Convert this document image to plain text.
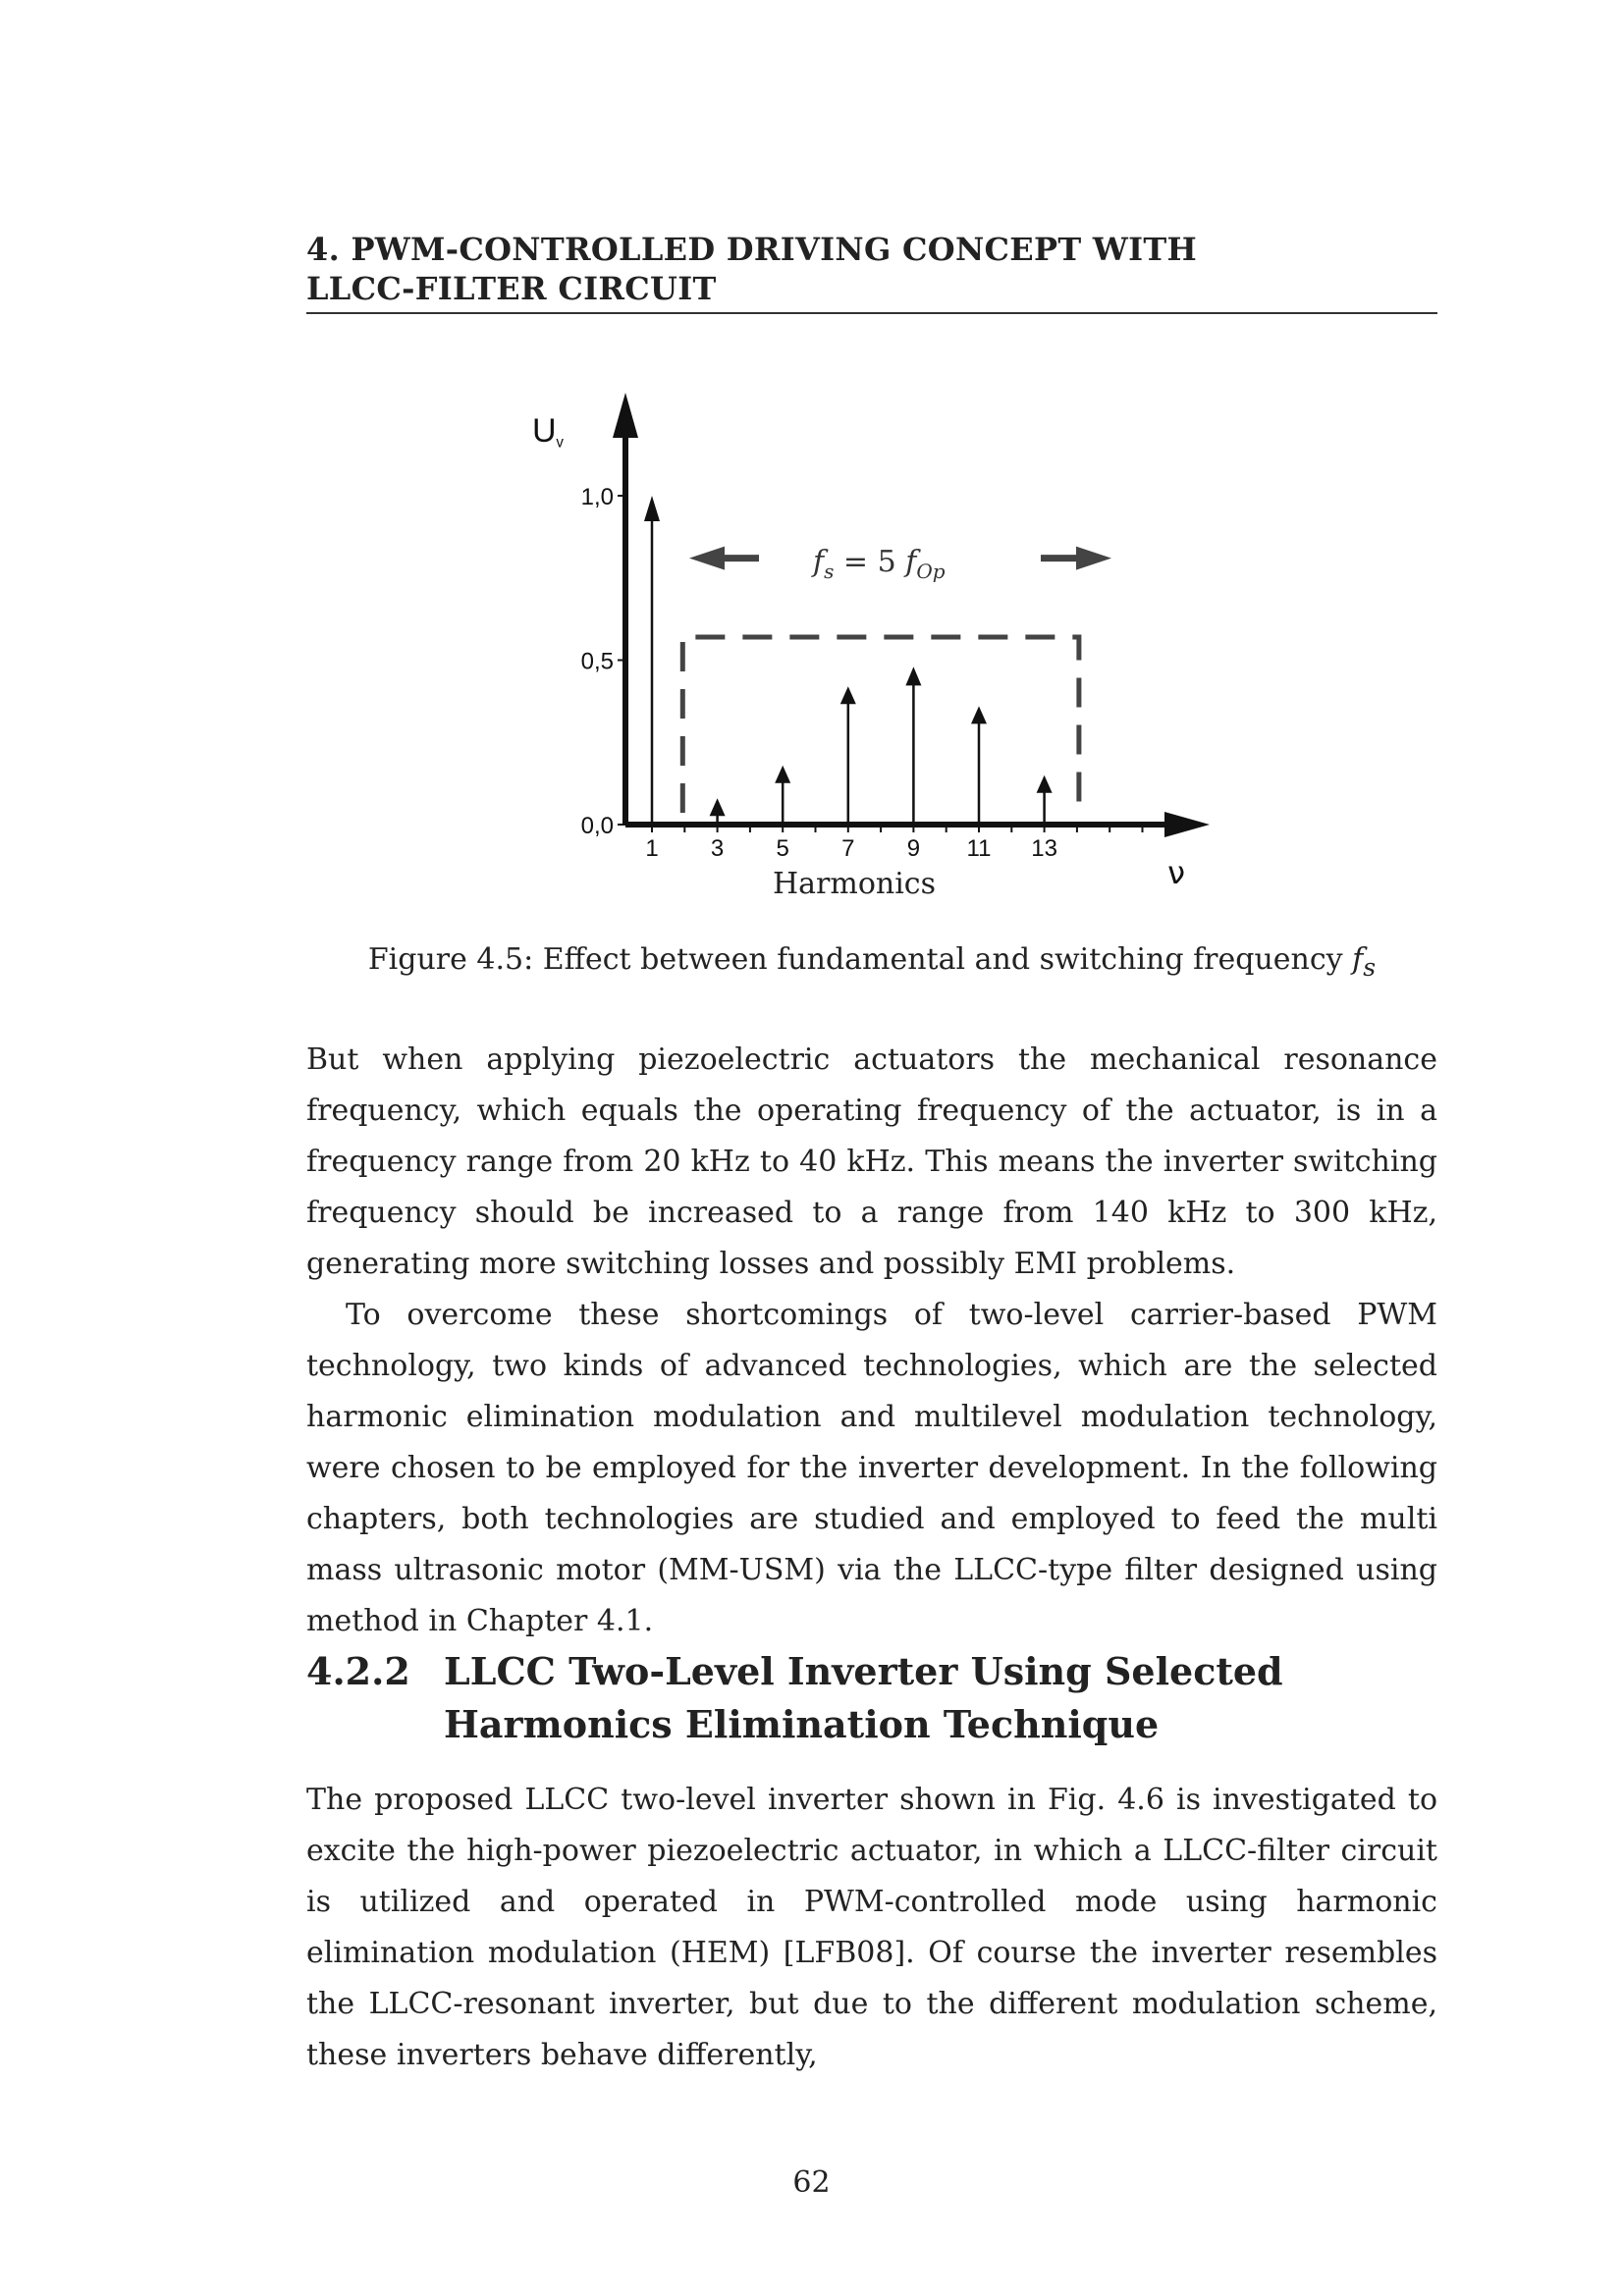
4. PWM-CONTROLLED DRIVING CONCEPT WITH
LLCC-FILTER CIRCUIT
0,0
0,5
1,0
1 3 5 7 9 11 13
$f_s = 5$ $f_{Op}$
Uᵥ
Harmonics	ν
Figure 4.5: Effect between fundamental and switching frequency $f_s$
But when applying piezoelectric actuators the mechanical resonance frequency, which equals the operating frequency of the actuator, is in a frequency range from 20 kHz to 40 kHz. This means the inverter switching frequency should be increased to a range from 140 kHz to 300 kHz, generating more switching losses and possibly EMI problems.
To overcome these shortcomings of two-level carrier-based PWM technology, two kinds of advanced technologies, which are the selected harmonic elimination modulation and multilevel modulation technology, were chosen to be employed for the inverter development. In the following chapters, both technologies are studied and employed to feed the multi mass ultrasonic motor (MM-USM) via the LLCC-type filter designed using method in Chapter 4.1.
4.2.2 LLCC Two-Level Inverter Using Selected Harmonics Elimination Technique
The proposed LLCC two-level inverter shown in Fig. 4.6 is investigated to excite the high-power piezoelectric actuator, in which a LLCC-filter circuit is utilized and operated in PWM-controlled mode using harmonic elimination modulation (HEM) [LFB08]. Of course the inverter resembles the LLCC-resonant inverter, but due to the different modulation scheme, these inverters behave differently,
62
